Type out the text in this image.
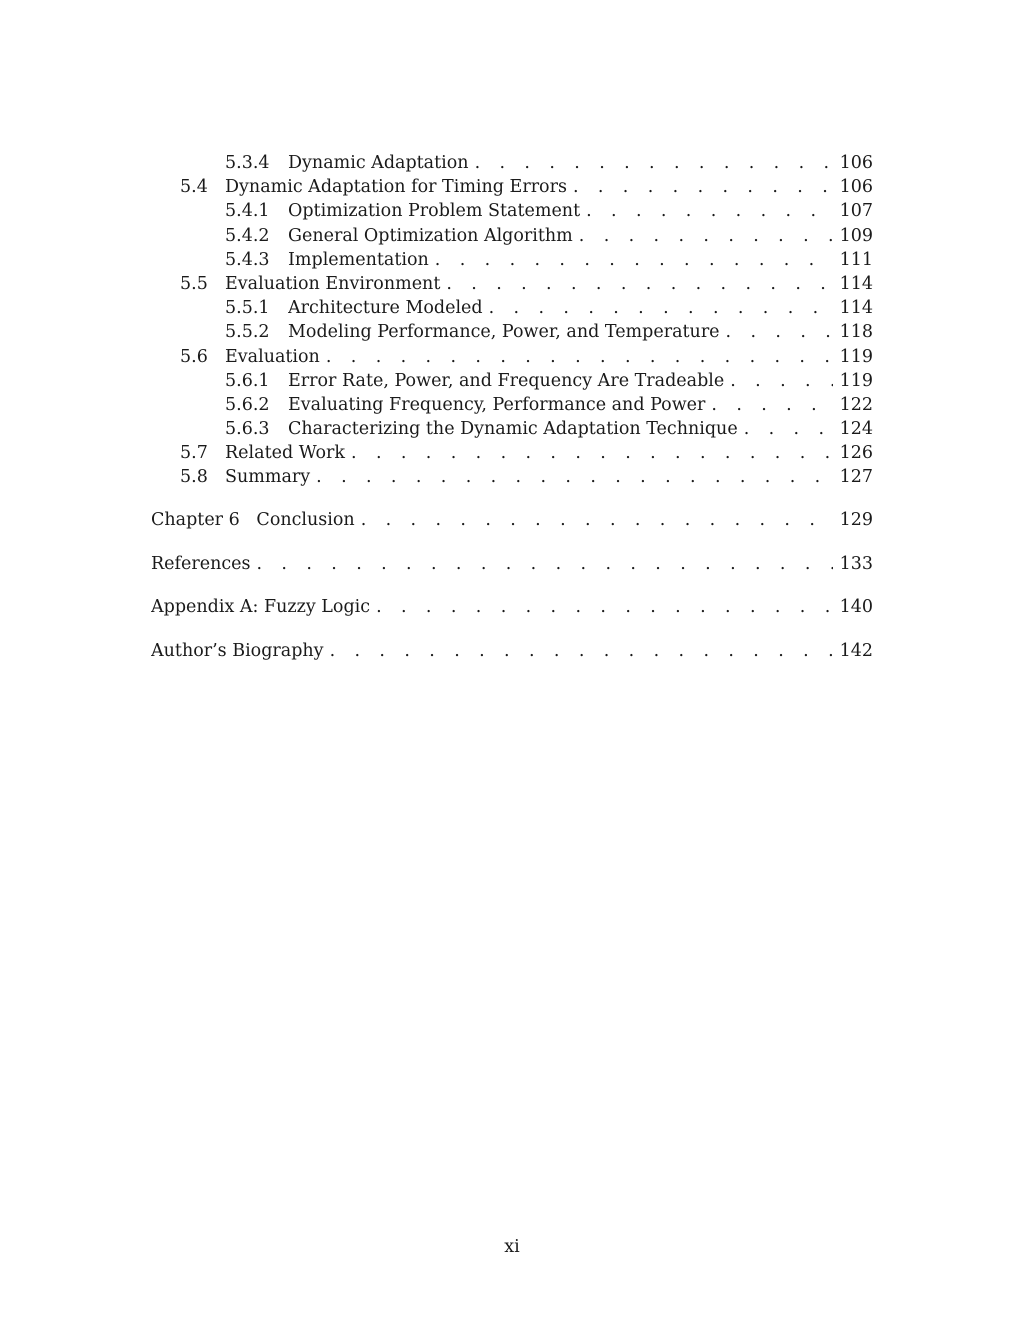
5.3.4 Dynamic Adaptation . . .	106
5.4 Dynamic Adaptation for Timing Errors . . .	106
5.4.1 Optimization Problem Statement . . .	107
5.4.2 General Optimization Algorithm . . .	109
5.4.3 Implementation . . .	111
5.5 Evaluation Environment . . .	114
5.5.1 Architecture Modeled . . .	114
5.5.2 Modeling Performance, Power, and Temperature . . .	118
5.6 Evaluation . . .	119
5.6.1 Error Rate, Power, and Frequency Are Tradeable . . .	119
5.6.2 Evaluating Frequency, Performance and Power . . .	122
5.6.3 Characterizing the Dynamic Adaptation Technique . . .	124
5.7 Related Work . . .	126
5.8 Summary . . .	127
Chapter 6   Conclusion . . .	129
References . . .	133
Appendix A: Fuzzy Logic . . .	140
Author’s Biography . . .	142
xi
